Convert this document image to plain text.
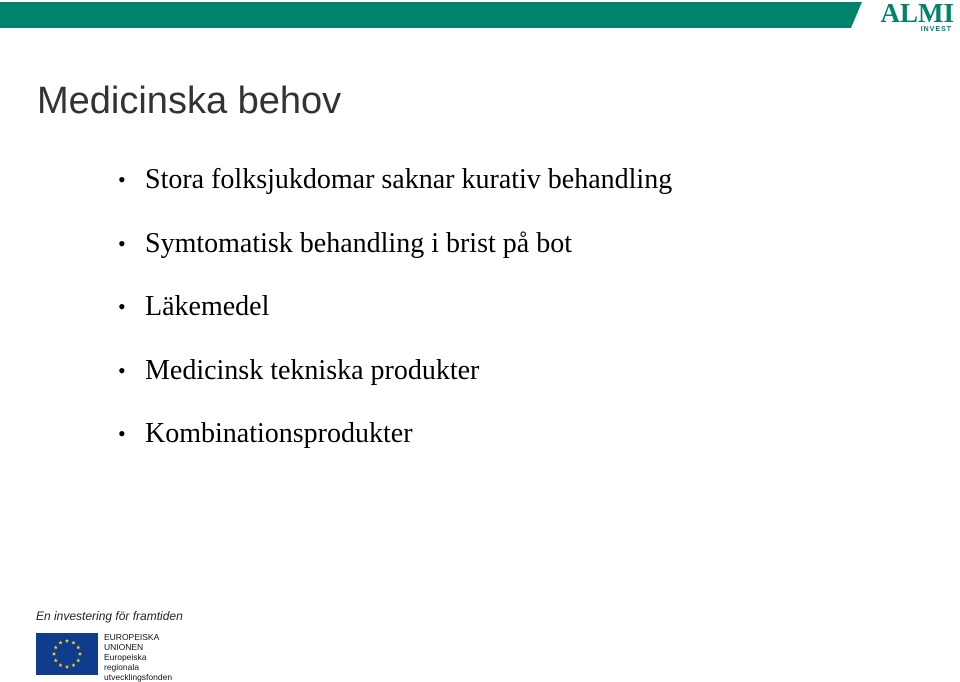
ALMI
INVEST
Medicinska behov
• Stora folksjukdomar saknar kurativ behandling
• Symtomatisk behandling i brist på bot
• Läkemedel
• Medicinsk tekniska produkter
• Kombinationsprodukter
En investering för framtiden
EUROPEISKA
UNIONEN
Europeiska
regionala
utvecklingsfonden
